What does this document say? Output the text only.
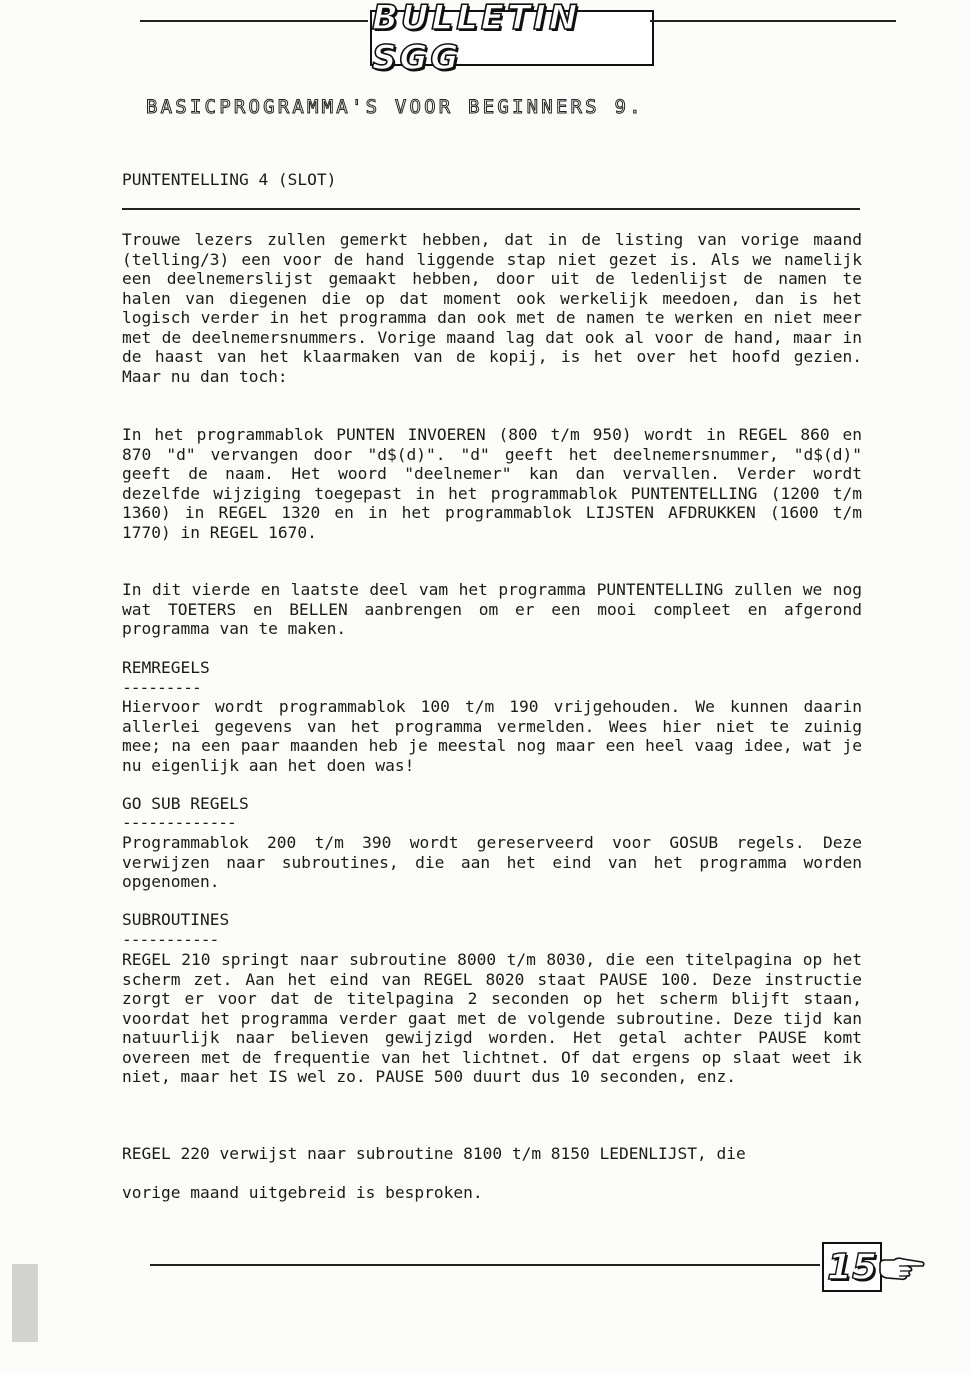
BULLETIN SGG
BASICPROGRAMMA'S VOOR BEGINNERS 9.
PUNTENTELLING 4 (SLOT)
Trouwe lezers zullen gemerkt hebben, dat in de listing van vorige maand (telling/3) een voor de hand liggende stap niet gezet is. Als we namelijk een deelnemerslijst gemaakt hebben, door uit de ledenlijst de namen te halen van diegenen die op dat moment ook werkelijk meedoen, dan is het logisch verder in het programma dan ook met de namen te werken en niet meer met de deelnemersnummers. Vorige maand lag dat ook al voor de hand, maar in de haast van het klaarmaken van de kopij, is het over het hoofd gezien. Maar nu dan toch:
In het programmablok PUNTEN INVOEREN (800 t/m 950) wordt in REGEL 860 en 870 "d" vervangen door "d$(d)". "d" geeft het deelnemersnummer, "d$(d)" geeft de naam. Het woord "deelnemer" kan dan vervallen. Verder wordt dezelfde wijziging toegepast in het programmablok PUNTENTELLING (1200 t/m 1360) in REGEL 1320 en in het programmablok LIJSTEN AFDRUKKEN (1600 t/m 1770) in REGEL 1670.
In dit vierde en laatste deel vam het programma PUNTENTELLING zullen we nog wat TOETERS en BELLEN aanbrengen om er een mooi compleet en afgerond programma van te maken.
REMREGELS
---------
Hiervoor wordt programmablok 100 t/m 190 vrijgehouden. We kunnen daarin allerlei gegevens van het programma vermelden. Wees hier niet te zuinig mee; na een paar maanden heb je meestal nog maar een heel vaag idee, wat je nu eigenlijk aan het doen was!
GO SUB REGELS
-------------
Programmablok 200 t/m 390 wordt gereserveerd voor GOSUB regels. Deze verwijzen naar subroutines, die aan het eind van het programma worden opgenomen.
SUBROUTINES
-----------
REGEL 210 springt naar subroutine 8000 t/m 8030, die een titelpagina op het scherm zet. Aan het eind van REGEL 8020 staat PAUSE 100. Deze instructie zorgt er voor dat de titelpagina 2 seconden op het scherm blijft staan, voordat het programma verder gaat met de volgende subroutine. Deze tijd kan natuurlijk naar believen gewijzigd worden. Het getal achter PAUSE komt overeen met de frequentie van het lichtnet. Of dat ergens op slaat weet ik niet, maar het IS wel zo. PAUSE 500 duurt dus 10 seconden, enz.
REGEL 220 verwijst naar subroutine 8100 t/m 8150 LEDENLIJST, die
vorige maand uitgebreid is besproken.
15
